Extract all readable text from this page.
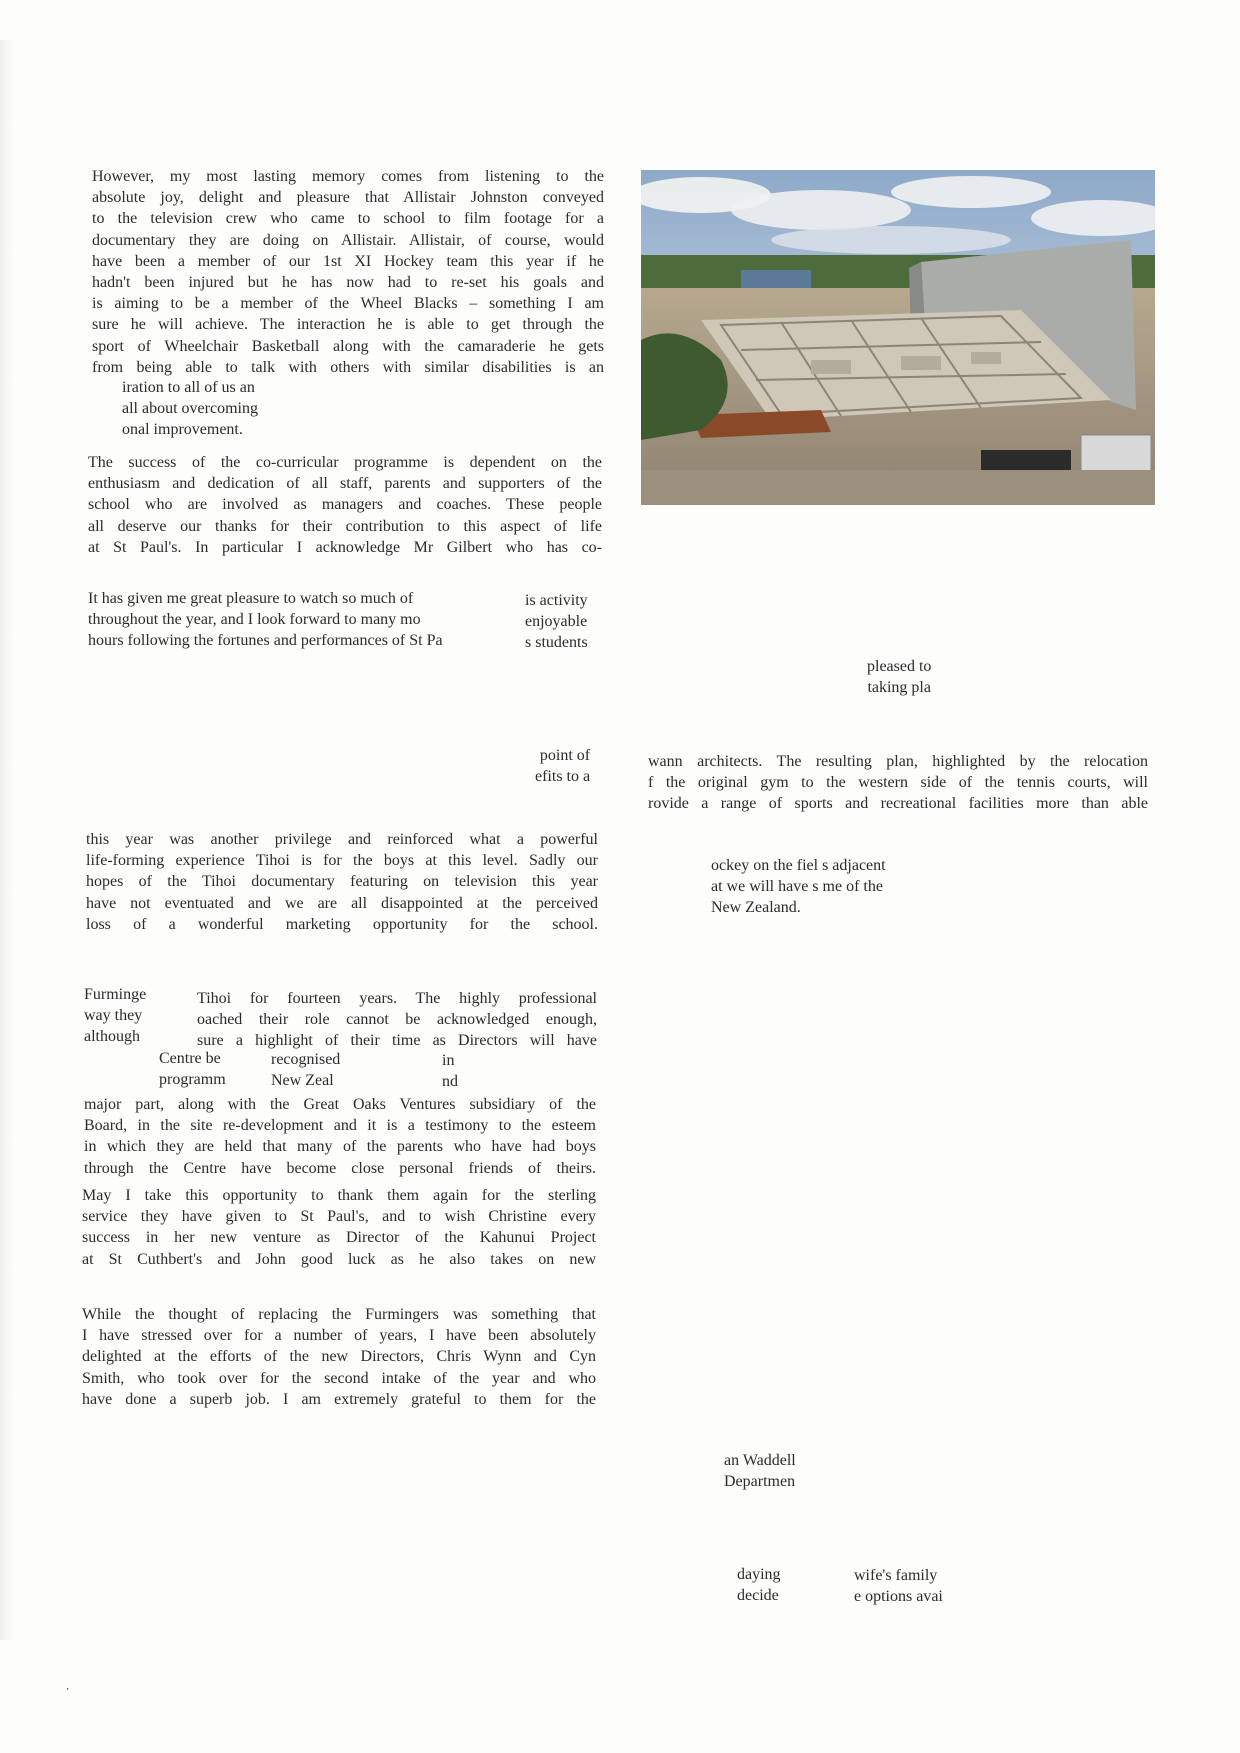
However, my most lasting memory comes from listening to the
absolute joy, delight and pleasure that Allistair Johnston conveyed
to the television crew who came to school to film footage for a
documentary they are doing on Allistair. Allistair, of course, would
have been a member of our 1st XI Hockey team this year if he
hadn't been injured but he has now had to re-set his goals and
is aiming to be a member of the Wheel Blacks – something I am
sure he will achieve. The interaction he is able to get through the
sport of Wheelchair Basketball along with the camaraderie he gets
from being able to talk with others with similar disabilities is an
iration to all of us an
all about overcoming
onal improvement.
The success of the co-curricular programme is dependent on the
enthusiasm and dedication of all staff, parents and supporters of the
school who are involved as managers and coaches. These people
all deserve our thanks for their contribution to this aspect of life
at St Paul's. In particular I acknowledge Mr Gilbert who has co-
It has given me great pleasure to watch so much of
throughout the year, and I look forward to many mo
hours following the fortunes and performances of St Pa
is activity
enjoyable
s students
pleased to
taking pla
point of
efits to a
wann architects. The resulting plan, highlighted by the relocation
f the original gym to the western side of the tennis courts, will
rovide a range of sports and recreational facilities more than able
this year was another privilege and reinforced what a powerful
life-forming experience Tihoi is for the boys at this level. Sadly our
hopes of the Tihoi documentary featuring on television this year
have not eventuated and we are all disappointed at the perceived
loss of a wonderful marketing opportunity for the school.
ockey on the fiel s adjacent
at we will have s me of the
New Zealand.
Furminge
way they
although
Tihoi for fourteen years. The highly professional
oached their role cannot be acknowledged enough,
sure a highlight of their time as Directors will have
Centre be
programm
recognised
New Zeal
in
nd
major part, along with the Great Oaks Ventures subsidiary of the
Board, in the site re-development and it is a testimony to the esteem
in which they are held that many of the parents who have had boys
through the Centre have become close personal friends of theirs.
May I take this opportunity to thank them again for the sterling
service they have given to St Paul's, and to wish Christine every
success in her new venture as Director of the Kahunui Project
at St Cuthbert's and John good luck as he also takes on new
While the thought of replacing the Furmingers was something that
I have stressed over for a number of years, I have been absolutely
delighted at the efforts of the new Directors, Chris Wynn and Cyn
Smith, who took over for the second intake of the year and who
have done a superb job. I am extremely grateful to them for the
an Waddell
Departmen
daying
decide
wife's family
e options avai
⸱
